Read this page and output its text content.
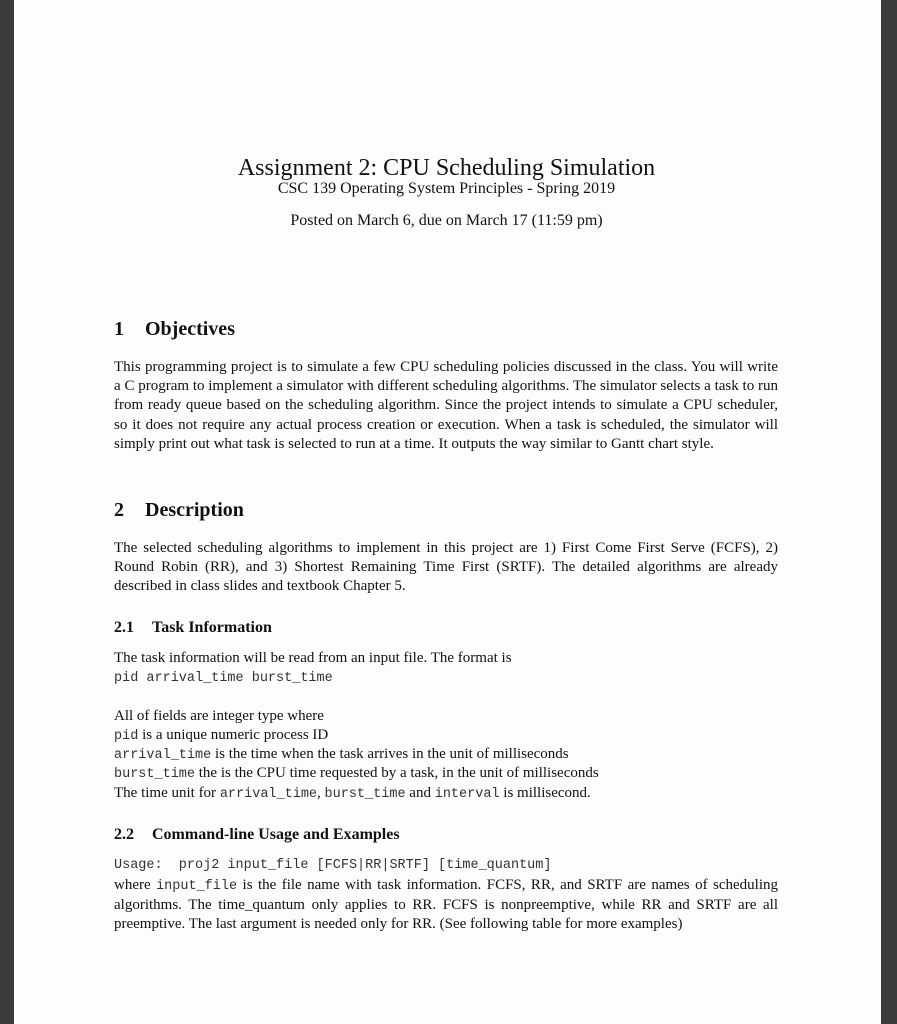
Assignment 2: CPU Scheduling Simulation
CSC 139 Operating System Principles - Spring 2019
Posted on March 6, due on March 17 (11:59 pm)
1 Objectives
This programming project is to simulate a few CPU scheduling policies discussed in the class. You will write a C program to implement a simulator with different scheduling algorithms. The simulator selects a task to run from ready queue based on the scheduling algorithm. Since the project intends to simulate a CPU scheduler, so it does not require any actual process creation or execution. When a task is scheduled, the simulator will simply print out what task is selected to run at a time. It outputs the way similar to Gantt chart style.
2 Description
The selected scheduling algorithms to implement in this project are 1) First Come First Serve (FCFS), 2) Round Robin (RR), and 3) Shortest Remaining Time First (SRTF). The detailed algorithms are already described in class slides and textbook Chapter 5.
2.1 Task Information
The task information will be read from an input file. The format is
pid arrival_time burst_time
All of fields are integer type where
pid is a unique numeric process ID
arrival_time is the time when the task arrives in the unit of milliseconds
burst_time the is the CPU time requested by a task, in the unit of milliseconds
The time unit for arrival_time, burst_time and interval is millisecond.
2.2 Command-line Usage and Examples
Usage:  proj2 input_file [FCFS|RR|SRTF] [time_quantum]
where input_file is the file name with task information. FCFS, RR, and SRTF are names of scheduling algorithms. The time_quantum only applies to RR. FCFS is nonpreemptive, while RR and SRTF are all preemptive. The last argument is needed only for RR. (See following table for more examples)
